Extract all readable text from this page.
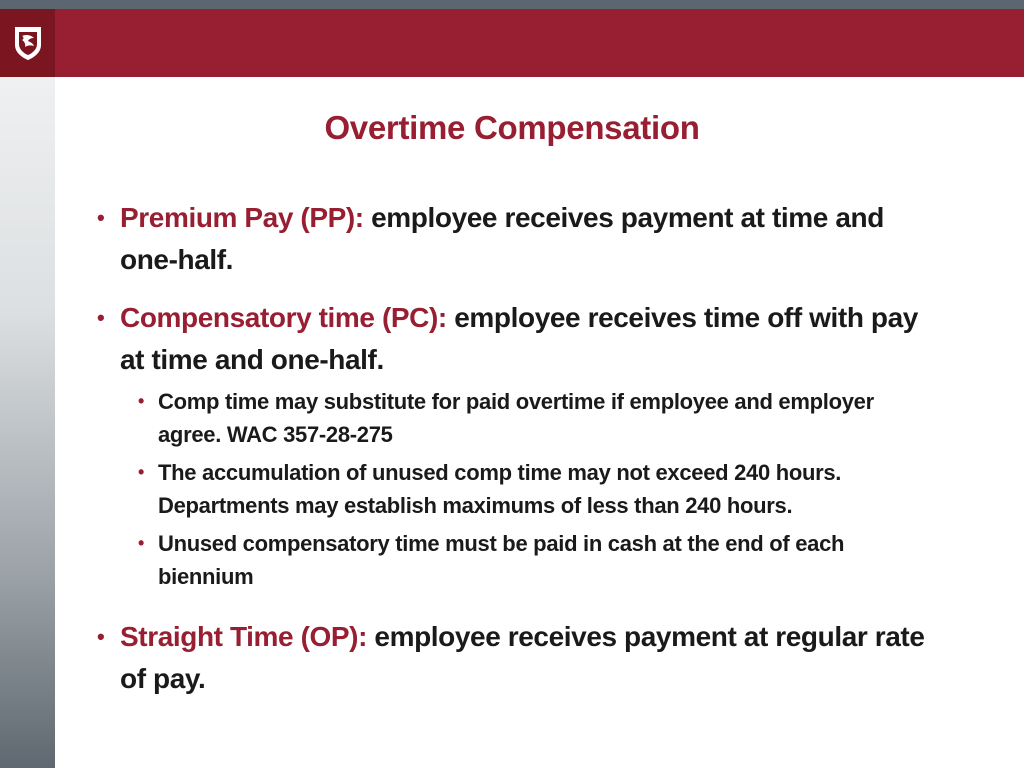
Overtime Compensation
• Premium Pay (PP): employee receives payment at time and one-half.
• Compensatory time (PC): employee receives time off with pay at time and one-half.
• Comp time may substitute for paid overtime if employee and employer agree. WAC 357-28-275
• The accumulation of unused comp time may not exceed 240 hours. Departments may establish maximums of less than 240 hours.
• Unused compensatory time must be paid in cash at the end of each biennium
• Straight Time (OP): employee receives payment at regular rate of pay.
